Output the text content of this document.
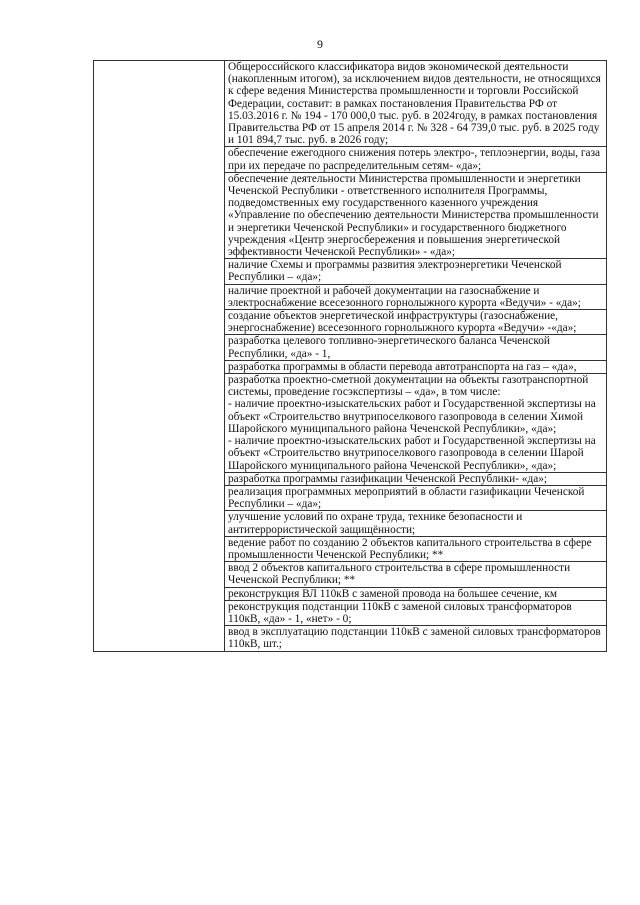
9
	Общероссийского классификатора видов экономической деятельности (накопленным итогом), за исключением видов деятельности, не относящихся к сфере ведения Министерства промышленности и торговли Российской Федерации, составит: в рамках постановления Правительства РФ от 15.03.2016 г. № 194 - 170 000,0 тыс. руб. в 2024году, в рамках постановления Правительства РФ от 15 апреля 2014 г. № 328 - 64 739,0 тыс. руб. в 2025 году и 101 894,7 тыс. руб. в 2026 году;
обеспечение ежегодного снижения потерь электро-, теплоэнергии, воды, газа при их передаче по распределительным сетям- «да»;
обеспечение деятельности Министерства промышленности и энергетики Чеченской Республики - ответственного исполнителя Программы, подведомственных ему государственного казенного учреждения «Управление по обеспечению деятельности Министерства промышленности и энергетики Чеченской Республики» и государственного бюджетного учреждения «Центр энергосбережения и повышения энергетической эффективности Чеченской Республики» - «да»;
наличие Схемы и программы развития электроэнергетики Чеченской Республики – «да»;
наличие проектной и рабочей документации на газоснабжение и электроснабжение всесезонного горнолыжного курорта «Ведучи» - «да»;
создание объектов энергетической инфраструктуры (газоснабжение, энергоснабжение) всесезонного горнолыжного курорта «Ведучи» -«да»;
разработка целевого топливно-энергетического баланса Чеченской Республики, «да» - 1,
разработка программы в области перевода автотранспорта на газ – «да»,
разработка проектно-сметной документации на объекты газотранспортной системы, проведение госэкспертизы – «да», в том числе:
- наличие проектно-изыскательских работ и Государственной экспертизы на объект «Строительство внутрипоселкового газопровода в селении Химой Шаройского муниципального района Чеченской Республики», «да»;
- наличие проектно-изыскательских работ и Государственной экспертизы на объект «Строительство внутрипоселкового газопровода в селении Шарой Шаройского муниципального района Чеченской Республики», «да»;
разработка программы газификации Чеченской Республики- «да»;
реализация программных мероприятий в области газификации Чеченской Республики – «да»;
улучшение условий по охране труда, технике безопасности и антитеррористической защищённости;
ведение работ по созданию 2 объектов капитального строительства в сфере промышленности Чеченской Республики; **
ввод 2 объектов капитального строительства в сфере промышленности Чеченской Республики; **
реконструкция ВЛ 110кВ с заменой провода на большее сечение, км
реконструкция подстанции 110кВ с заменой силовых трансформаторов 110кВ, «да» - 1, «нет» - 0;
ввод в эксплуатацию подстанции 110кВ с заменой силовых трансформаторов 110кВ, шт.;
